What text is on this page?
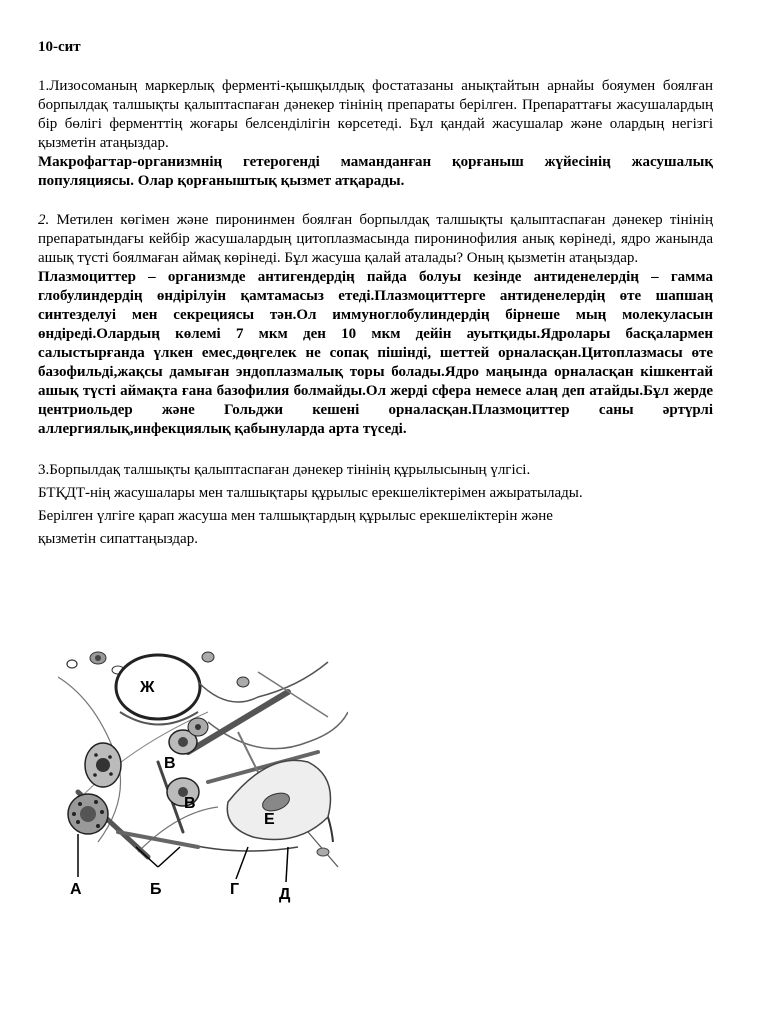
10-сит

1.Лизосоманың маркерлық ферменті-қышқылдық фостатазаны анықтайтын арнайы бояумен боялған борпылдақ талшықты қалыптаспаған дәнекер тінінің препараты берілген. Препараттағы жасушалардың бір бөлігі ферменттің жоғары белсенділігін көрсетеді. Бұл қандай жасушалар және олардың негізгі қызметін атаңыздар.

Макрофагтар-организмнің гетерогенді маманданған қорғаныш жүйесінің жасушалық популяциясы. Олар қорғаныштық қызмет атқарады.

2. Метилен көгімен және пиронинмен боялған борпылдақ талшықты қалыптаспаған дәнекер тінінің препаратындағы кейбір жасушалардың цитоплазмасында пиронинофилия анық көрінеді, ядро жанында ашық түсті боялмаған аймақ көрінеді. Бұл жасуша қалай аталады? Оның қызметін атаңыздар.

Плазмоциттер – организмде антигендердің пайда болуы кезінде антиденелердің – гамма глобулиндердің өндірілуін қамтамасыз етеді.Плазмоциттерге антиденелердің өте шапшаң синтезделуі мен секрециясы тән.Ол иммуноглобулиндердің бірнеше мың молекуласын өндіреді.Олардың көлемі 7 мкм ден 10 мкм дейін ауытқиды.Ядролары басқалармен салыстырғанда үлкен емес,дөңгелек не сопақ пішінді, шеттей орналасқан.Цитоплазмасы өте базофильді,жақсы дамыған эндоплазмалық торы болады.Ядро маңында орналасқан кішкентай ашық түсті аймақта ғана базофилия болмайды.Ол жерді сфера немесе алаң деп атайды.Бұл жерде центриольдер және Гольджи кешені орналасқан.Плазмоциттер саны әртүрлі аллергиялық,инфекциялық қабынуларда арта түседі.

3.Борпылдақ талшықты қалыптаспаған дәнекер тінінің құрылысының үлгісі.

БТҚДТ-нің жасушалары мен талшықтары құрылыс ерекшеліктерімен ажыратылады.

Берілген үлгіге қарап жасуша мен талшықтардың құрылыс ерекшеліктерін және

қызметін сипаттаңыздар.

Ж
В
В
Е
А	Б	Г Д
